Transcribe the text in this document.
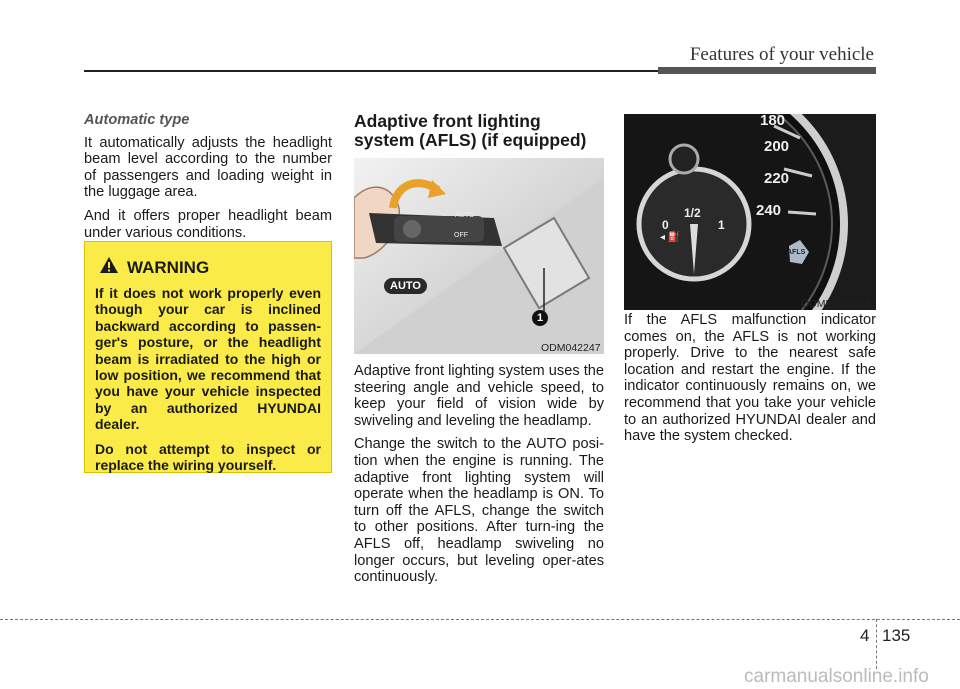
Features of your vehicle
Automatic type

It automatically adjusts the headlight beam level according to the number of passengers and loading weight in the luggage area.

And it offers proper headlight beam under various conditions.

WARNING

If it does not work properly even though your car is inclined backward according to passen-ger's posture, or the headlight beam is irradiated to the high or low position, we recommend that you have your vehicle inspected by an authorized HYUNDAI dealer.

Do not attempt to inspect or replace the wiring yourself.

Adaptive front lighting system (AFLS) (if equipped)

Adaptive front lighting system uses the steering angle and vehicle speed, to keep your field of vision wide by swiveling and leveling the headlamp.

Change the switch to the AUTO posi-tion when the engine is running. The adaptive front lighting system will operate when the headlamp is ON. To turn off the AFLS, change the switch to other positions. After turn-ing the AFLS off, headlamp swiveling no longer occurs, but leveling oper-ates continuously.

AUTO
OFF
AUTO
1
ODM042247
180
200
220
240
0
1/2
1
◂ ⛽
AFLS
ODMECO2018

If the AFLS malfunction indicator comes on, the AFLS is not working properly. Drive to the nearest safe location and restart the engine. If the indicator continuously remains on, we recommend that you take your vehicle to an authorized HYUNDAI dealer and have the system checked.

4 135
carmanualsonline.info
